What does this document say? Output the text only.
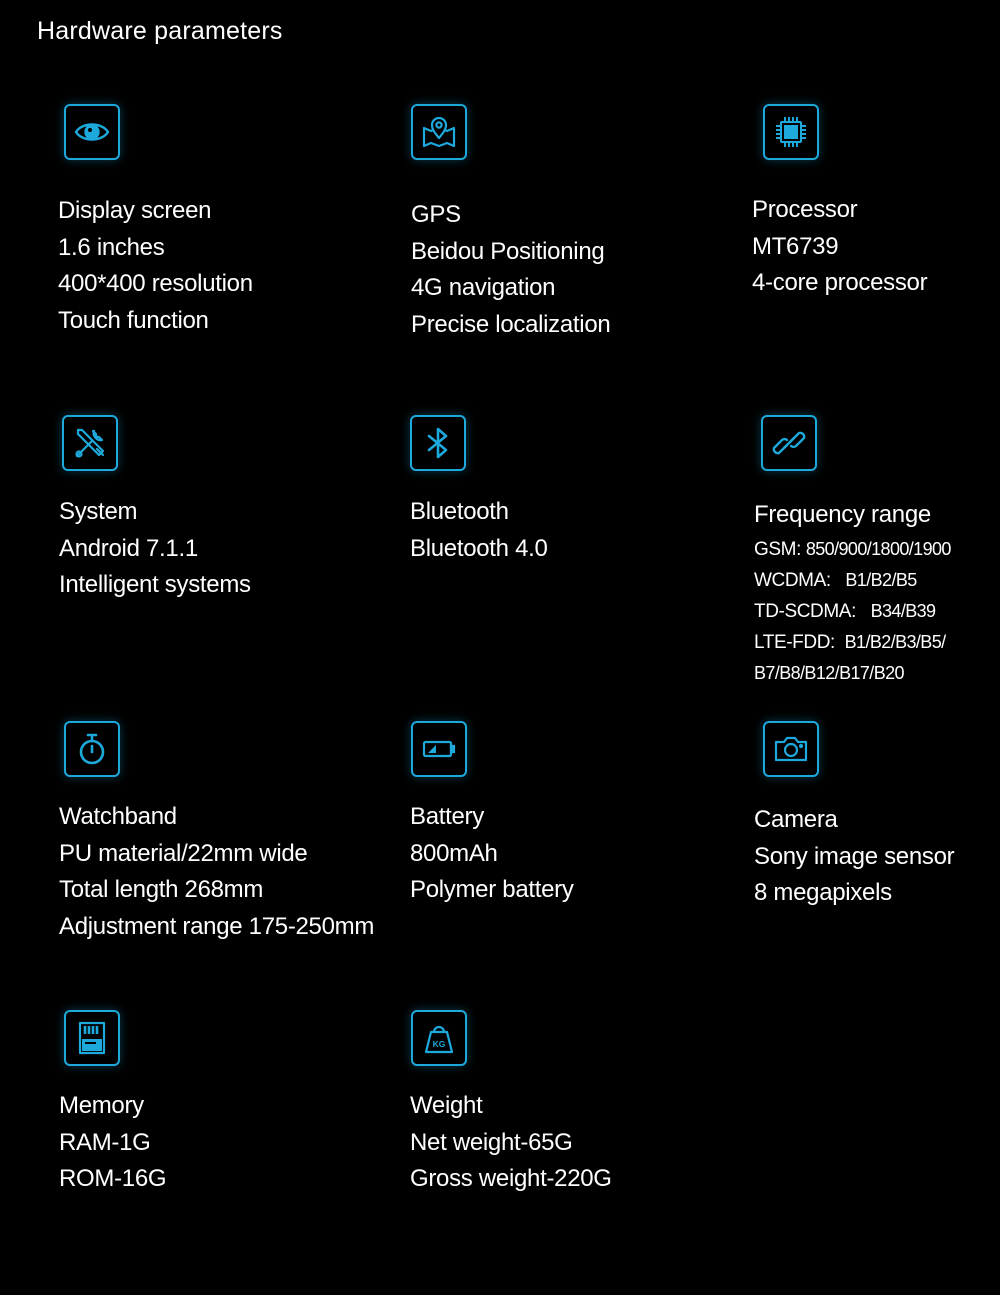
Hardware parameters
Display screen
1.6 inches
400*400 resolution
Touch function
GPS
Beidou Positioning
4G navigation
Precise localization
Processor
MT6739
4-core processor
System
Android 7.1.1
Intelligent systems
Bluetooth
Bluetooth 4.0
Frequency range
GSM: 850/900/1800/1900
WCDMA: B1/B2/B5
TD-SCDMA: B34/B39
LTE-FDD: B1/B2/B3/B5/
B7/B8/B12/B17/B20
Watchband
PU material/22mm wide
Total length 268mm
Adjustment range 175-250mm
Battery
800mAh
Polymer battery
Camera
Sony image sensor
8 megapixels
Memory
RAM-1G
ROM-16G
KG
Weight
Net weight-65G
Gross weight-220G
